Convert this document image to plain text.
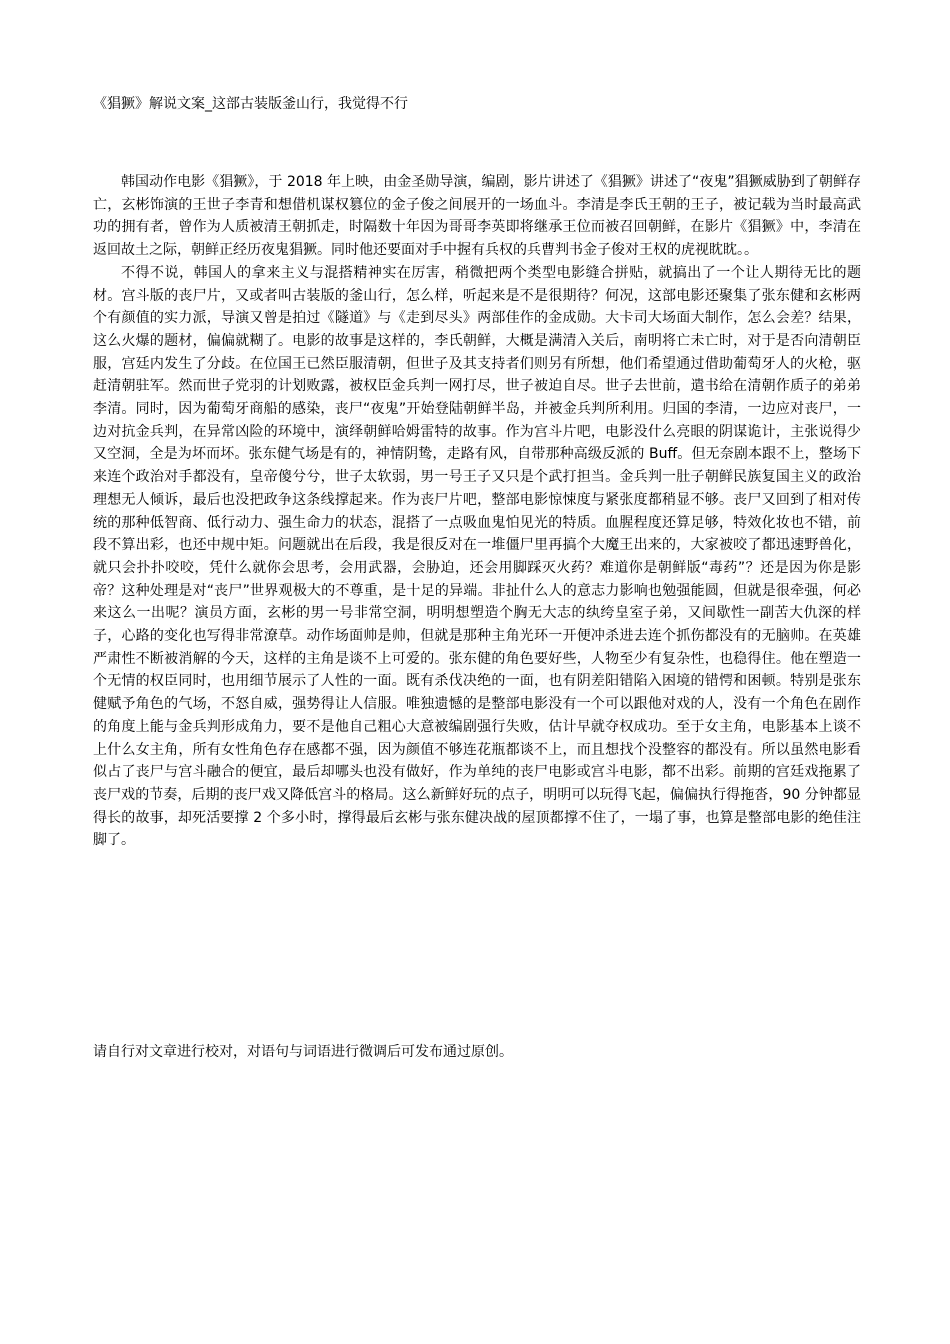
《猖獗》解说文案_这部古装版釜山行，我觉得不行

韩国动作电影《猖獗》，于 2018 年上映，由金圣勋导演，编剧，影片讲述了《猖獗》讲述了“夜鬼”猖獗威胁到了朝鲜存亡，玄彬饰演的王世子李青和想借机谋权篡位的金子俊之间展开的一场血斗。李清是李氏王朝的王子，被记载为当时最高武功的拥有者，曾作为人质被清王朝抓走，时隔数十年因为哥哥李英即将继承王位而被召回朝鲜，在影片《猖獗》中，李清在返回故土之际，朝鲜正经历夜鬼猖獗。同时他还要面对手中握有兵权的兵曹判书金子俊对王权的虎视眈眈。。

不得不说，韩国人的拿来主义与混搭精神实在厉害，稍微把两个类型电影缝合拼贴，就搞出了一个让人期待无比的题材。宫斗版的丧尸片，又或者叫古装版的釜山行，怎么样，听起来是不是很期待？何况，这部电影还聚集了张东健和玄彬两个有颜值的实力派，导演又曾是拍过《隧道》与《走到尽头》两部佳作的金成勋。大卡司大场面大制作，怎么会差？结果，这么火爆的题材，偏偏就糊了。电影的故事是这样的，李氏朝鲜，大概是满清入关后，南明将亡未亡时，对于是否向清朝臣服，宫廷内发生了分歧。在位国王已然臣服清朝，但世子及其支持者们则另有所想，他们希望通过借助葡萄牙人的火枪，驱赶清朝驻军。然而世子党羽的计划败露，被权臣金兵判一网打尽，世子被迫自尽。世子去世前，遣书给在清朝作质子的弟弟李清。同时，因为葡萄牙商船的感染，丧尸“夜鬼”开始登陆朝鲜半岛，并被金兵判所利用。归国的李清，一边应对丧尸，一边对抗金兵判，在异常凶险的环境中，演绎朝鲜哈姆雷特的故事。作为宫斗片吧，电影没什么亮眼的阴谋诡计，主张说得少又空洞，全是为坏而坏。张东健气场是有的，神情阴鸷，走路有风，自带那种高级反派的 Buff。但无奈剧本跟不上，整场下来连个政治对手都没有，皇帝傻兮兮，世子太软弱，男一号王子又只是个武打担当。金兵判一肚子朝鲜民族复国主义的政治理想无人倾诉，最后也没把政争这条线撑起来。作为丧尸片吧，整部电影惊悚度与紧张度都稍显不够。丧尸又回到了相对传统的那种低智商、低行动力、强生命力的状态，混搭了一点吸血鬼怕见光的特质。血腥程度还算足够，特效化妆也不错，前段不算出彩，也还中规中矩。问题就出在后段，我是很反对在一堆僵尸里再搞个大魔王出来的，大家被咬了都迅速野兽化，就只会扑扑咬咬，凭什么就你会思考，会用武器，会胁迫，还会用脚踩灭火药？难道你是朝鲜版“毒药”？还是因为你是影帝？这种处理是对“丧尸”世界观极大的不尊重，是十足的异端。非扯什么人的意志力影响也勉强能圆，但就是很牵强，何必来这么一出呢？演员方面，玄彬的男一号非常空洞，明明想塑造个胸无大志的纨绔皇室子弟，又间歇性一副苦大仇深的样子，心路的变化也写得非常潦草。动作场面帅是帅，但就是那种主角光环一开便冲杀进去连个抓伤都没有的无脑帅。在英雄严肃性不断被消解的今天，这样的主角是谈不上可爱的。张东健的角色要好些，人物至少有复杂性，也稳得住。他在塑造一个无情的权臣同时，也用细节展示了人性的一面。既有杀伐决绝的一面，也有阴差阳错陷入困境的错愕和困顿。特别是张东健赋予角色的气场，不怒自威，强势得让人信服。唯独遗憾的是整部电影没有一个可以跟他对戏的人，没有一个角色在剧作的角度上能与金兵判形成角力，要不是他自己粗心大意被编剧强行失败，估计早就夺权成功。至于女主角，电影基本上谈不上什么女主角，所有女性角色存在感都不强，因为颜值不够连花瓶都谈不上，而且想找个没整容的都没有。所以虽然电影看似占了丧尸与宫斗融合的便宜，最后却哪头也没有做好，作为单纯的丧尸电影或宫斗电影，都不出彩。前期的宫廷戏拖累了丧尸戏的节奏，后期的丧尸戏又降低宫斗的格局。这么新鲜好玩的点子，明明可以玩得飞起，偏偏执行得拖沓，90 分钟都显得长的故事，却死活要撑 2 个多小时，撑得最后玄彬与张东健决战的屋顶都撑不住了，一塌了事，也算是整部电影的绝佳注脚了。

请自行对文章进行校对，对语句与词语进行微调后可发布通过原创。
